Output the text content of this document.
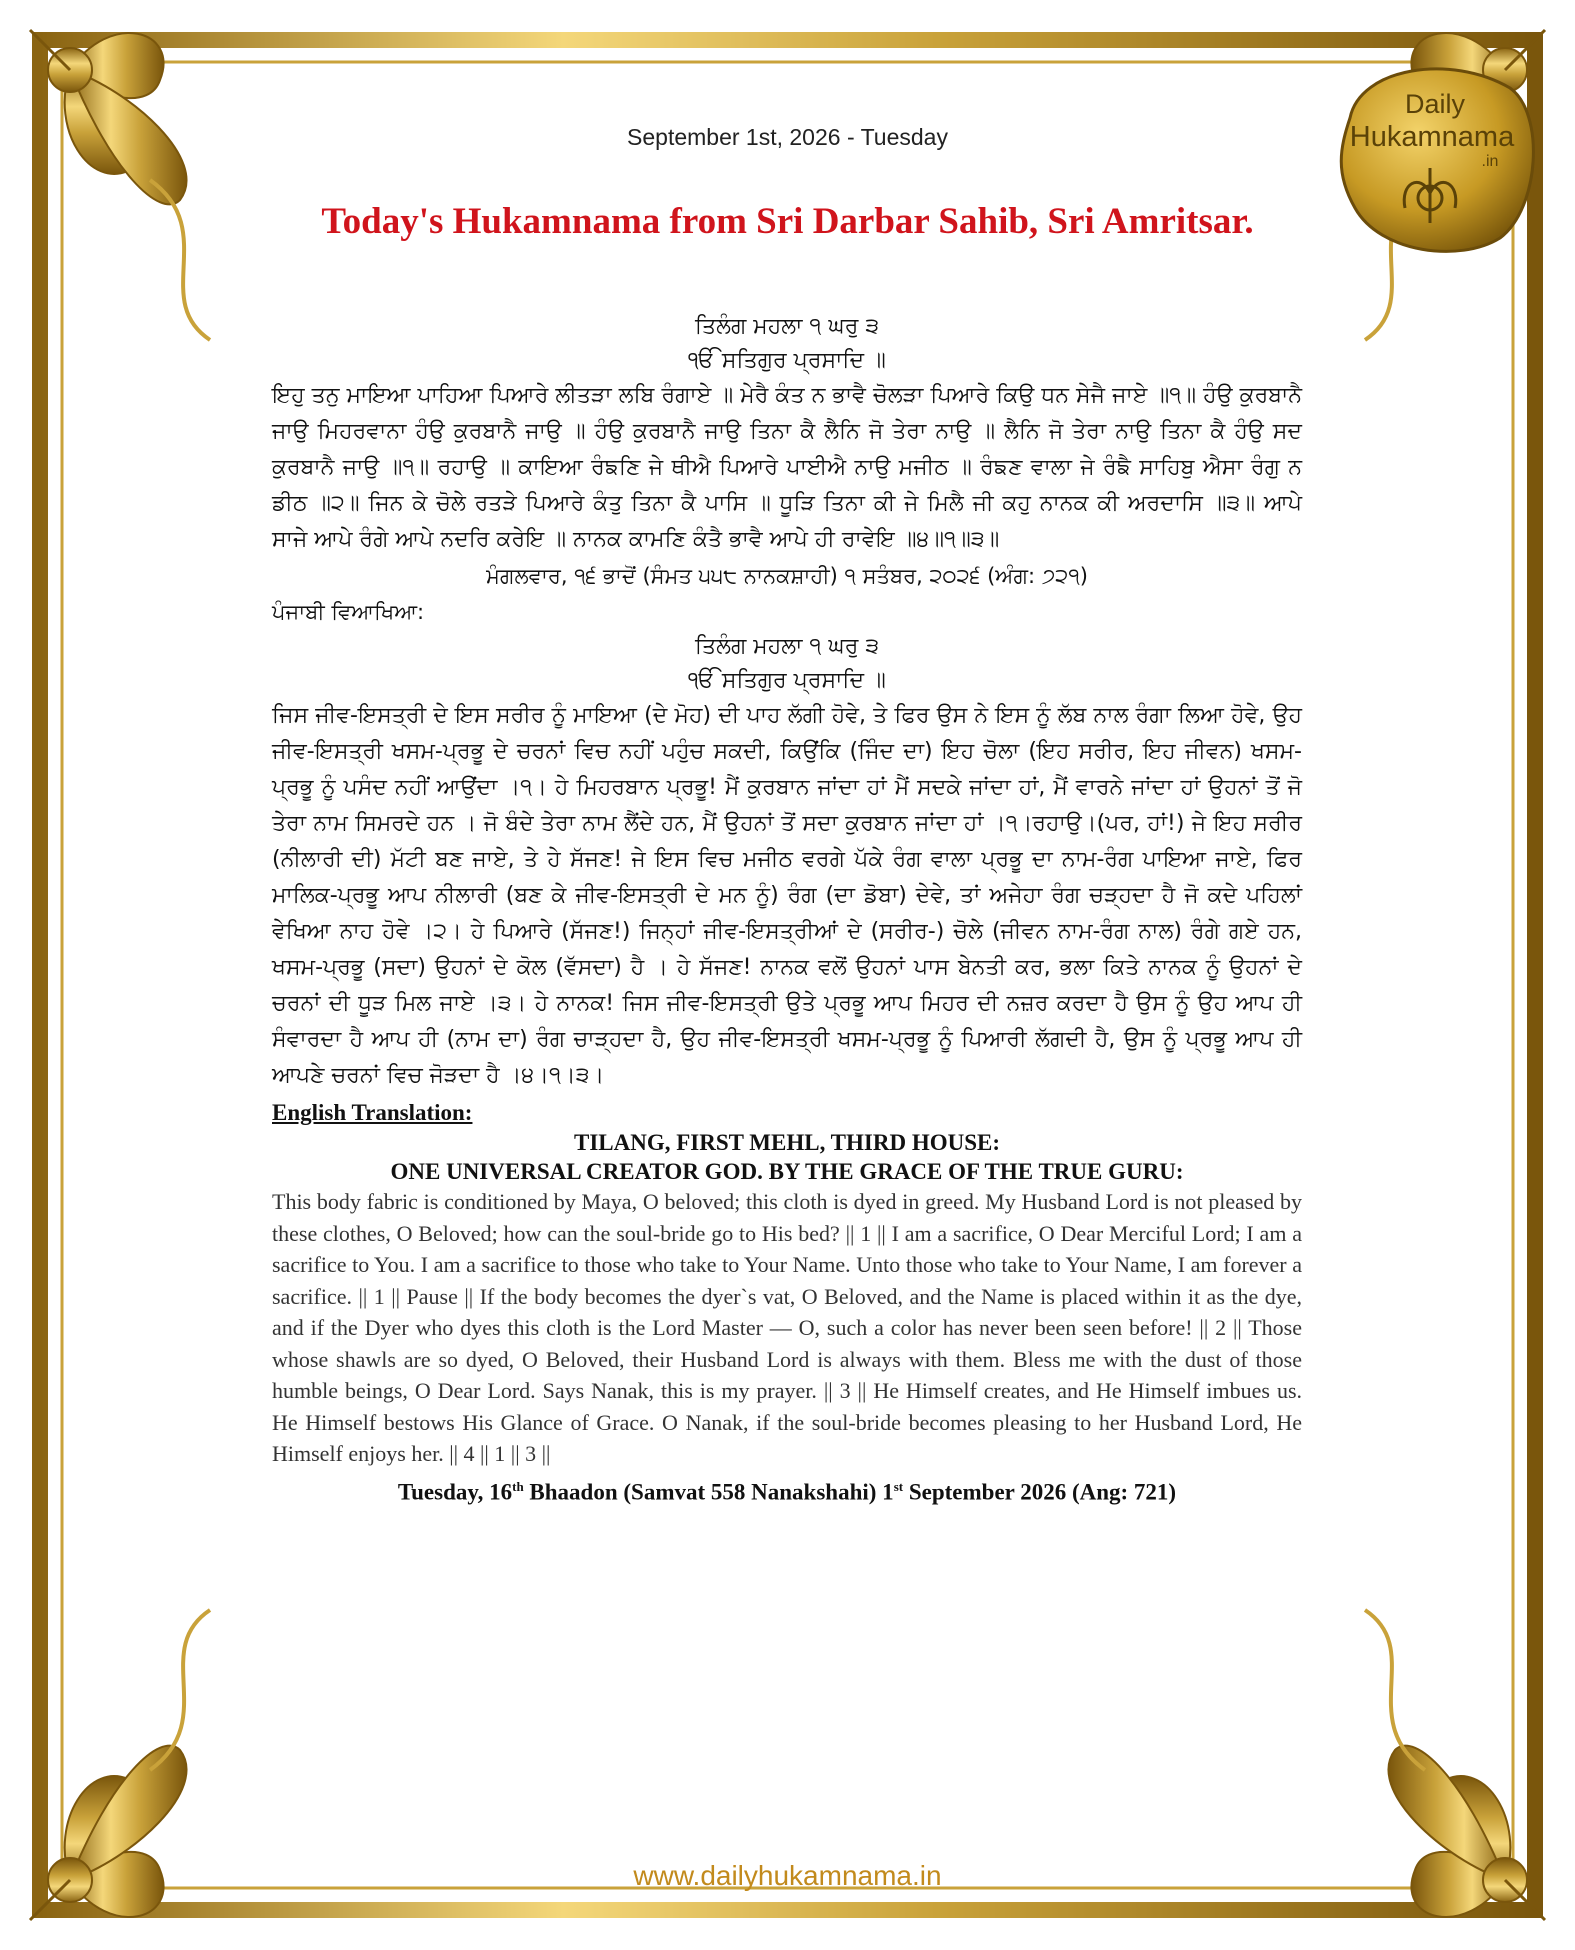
Daily
Hukamnama
.in
September 1st, 2026 - Tuesday
Today's Hukamnama from Sri Darbar Sahib, Sri Amritsar.
ਤਿਲੰਗ ਮਹਲਾ ੧ ਘਰੁ ੩
ੴ ਸਤਿਗੁਰ ਪ੍ਰਸਾਦਿ ॥

ਇਹੁ ਤਨੁ ਮਾਇਆ ਪਾਹਿਆ ਪਿਆਰੇ ਲੀਤੜਾ ਲਬਿ ਰੰਗਾਏ ॥ ਮੇਰੈ ਕੰਤ ਨ ਭਾਵੈ ਚੋਲੜਾ ਪਿਆਰੇ ਕਿਉ ਧਨ ਸੇਜੈ ਜਾਏ ॥੧॥ ਹੰਉ ਕੁਰਬਾਨੈ ਜਾਉ ਮਿਹਰਵਾਨਾ ਹੰਉ ਕੁਰਬਾਨੈ ਜਾਉ ॥ ਹੰਉ ਕੁਰਬਾਨੈ ਜਾਉ ਤਿਨਾ ਕੈ ਲੈਨਿ ਜੋ ਤੇਰਾ ਨਾਉ ॥ ਲੈਨਿ ਜੋ ਤੇਰਾ ਨਾਉ ਤਿਨਾ ਕੈ ਹੰਉ ਸਦ ਕੁਰਬਾਨੈ ਜਾਉ ॥੧॥ ਰਹਾਉ ॥ ਕਾਇਆ ਰੰਙਣਿ ਜੇ ਥੀਐ ਪਿਆਰੇ ਪਾਈਐ ਨਾਉ ਮਜੀਠ ॥ ਰੰਙਣ ਵਾਲਾ ਜੇ ਰੰਙੈ ਸਾਹਿਬੁ ਐਸਾ ਰੰਗੁ ਨ ਡੀਠ ॥੨॥ ਜਿਨ ਕੇ ਚੋਲੇ ਰਤੜੇ ਪਿਆਰੇ ਕੰਤੁ ਤਿਨਾ ਕੈ ਪਾਸਿ ॥ ਧੂੜਿ ਤਿਨਾ ਕੀ ਜੇ ਮਿਲੈ ਜੀ ਕਹੁ ਨਾਨਕ ਕੀ ਅਰਦਾਸਿ ॥੩॥ ਆਪੇ ਸਾਜੇ ਆਪੇ ਰੰਗੇ ਆਪੇ ਨਦਰਿ ਕਰੇਇ ॥ ਨਾਨਕ ਕਾਮਣਿ ਕੰਤੈ ਭਾਵੈ ਆਪੇ ਹੀ ਰਾਵੇਇ ॥੪॥੧॥੩॥

ਮੰਗਲਵਾਰ, ੧੬ ਭਾਦੋਂ (ਸੰਮਤ ੫੫੮ ਨਾਨਕਸ਼ਾਹੀ) ੧ ਸਤੰਬਰ, ੨੦੨੬ (ਅੰਗ: ੭੨੧)
ਪੰਜਾਬੀ ਵਿਆਖਿਆ:
ਤਿਲੰਗ ਮਹਲਾ ੧ ਘਰੁ ੩
ੴ ਸਤਿਗੁਰ ਪ੍ਰਸਾਦਿ ॥

ਜਿਸ ਜੀਵ-ਇਸਤ੍ਰੀ ਦੇ ਇਸ ਸਰੀਰ ਨੂੰ ਮਾਇਆ (ਦੇ ਮੋਹ) ਦੀ ਪਾਹ ਲੱਗੀ ਹੋਵੇ, ਤੇ ਫਿਰ ਉਸ ਨੇ ਇਸ ਨੂੰ ਲੱਬ ਨਾਲ ਰੰਗਾ ਲਿਆ ਹੋਵੇ, ਉਹ ਜੀਵ-ਇਸਤ੍ਰੀ ਖਸਮ-ਪ੍ਰਭੂ ਦੇ ਚਰਨਾਂ ਵਿਚ ਨਹੀਂ ਪਹੁੰਚ ਸਕਦੀ, ਕਿਉਂਕਿ (ਜਿੰਦ ਦਾ) ਇਹ ਚੋਲਾ (ਇਹ ਸਰੀਰ, ਇਹ ਜੀਵਨ) ਖਸਮ-ਪ੍ਰਭੂ ਨੂੰ ਪਸੰਦ ਨਹੀਂ ਆਉਂਦਾ ।੧। ਹੇ ਮਿਹਰਬਾਨ ਪ੍ਰਭੂ! ਮੈਂ ਕੁਰਬਾਨ ਜਾਂਦਾ ਹਾਂ ਮੈਂ ਸਦਕੇ ਜਾਂਦਾ ਹਾਂ, ਮੈਂ ਵਾਰਨੇ ਜਾਂਦਾ ਹਾਂ ਉਹਨਾਂ ਤੋਂ ਜੋ ਤੇਰਾ ਨਾਮ ਸਿਮਰਦੇ ਹਨ । ਜੋ ਬੰਦੇ ਤੇਰਾ ਨਾਮ ਲੈਂਦੇ ਹਨ, ਮੈਂ ਉਹਨਾਂ ਤੋਂ ਸਦਾ ਕੁਰਬਾਨ ਜਾਂਦਾ ਹਾਂ ।੧।ਰਹਾਉ।(ਪਰ, ਹਾਂ!) ਜੇ ਇਹ ਸਰੀਰ (ਨੀਲਾਰੀ ਦੀ) ਮੱਟੀ ਬਣ ਜਾਏ, ਤੇ ਹੇ ਸੱਜਣ! ਜੇ ਇਸ ਵਿਚ ਮਜੀਠ ਵਰਗੇ ਪੱਕੇ ਰੰਗ ਵਾਲਾ ਪ੍ਰਭੂ ਦਾ ਨਾਮ-ਰੰਗ ਪਾਇਆ ਜਾਏ, ਫਿਰ ਮਾਲਿਕ-ਪ੍ਰਭੂ ਆਪ ਨੀਲਾਰੀ (ਬਣ ਕੇ ਜੀਵ-ਇਸਤ੍ਰੀ ਦੇ ਮਨ ਨੂੰ) ਰੰਗ (ਦਾ ਡੋਬਾ) ਦੇਵੇ, ਤਾਂ ਅਜੇਹਾ ਰੰਗ ਚੜ੍ਹਦਾ ਹੈ ਜੋ ਕਦੇ ਪਹਿਲਾਂ ਵੇਖਿਆ ਨਾਹ ਹੋਵੇ ।੨। ਹੇ ਪਿਆਰੇ (ਸੱਜਣ!) ਜਿਨ੍ਹਾਂ ਜੀਵ-ਇਸਤ੍ਰੀਆਂ ਦੇ (ਸਰੀਰ-) ਚੋਲੇ (ਜੀਵਨ ਨਾਮ-ਰੰਗ ਨਾਲ) ਰੰਗੇ ਗਏ ਹਨ, ਖਸਮ-ਪ੍ਰਭੂ (ਸਦਾ) ਉਹਨਾਂ ਦੇ ਕੋਲ (ਵੱਸਦਾ) ਹੈ । ਹੇ ਸੱਜਣ! ਨਾਨਕ ਵਲੋਂ ਉਹਨਾਂ ਪਾਸ ਬੇਨਤੀ ਕਰ, ਭਲਾ ਕਿਤੇ ਨਾਨਕ ਨੂੰ ਉਹਨਾਂ ਦੇ ਚਰਨਾਂ ਦੀ ਧੂੜ ਮਿਲ ਜਾਏ ।੩। ਹੇ ਨਾਨਕ! ਜਿਸ ਜੀਵ-ਇਸਤ੍ਰੀ ਉਤੇ ਪ੍ਰਭੂ ਆਪ ਮਿਹਰ ਦੀ ਨਜ਼ਰ ਕਰਦਾ ਹੈ ਉਸ ਨੂੰ ਉਹ ਆਪ ਹੀ ਸੰਵਾਰਦਾ ਹੈ ਆਪ ਹੀ (ਨਾਮ ਦਾ) ਰੰਗ ਚਾੜ੍ਹਦਾ ਹੈ, ਉਹ ਜੀਵ-ਇਸਤ੍ਰੀ ਖਸਮ-ਪ੍ਰਭੂ ਨੂੰ ਪਿਆਰੀ ਲੱਗਦੀ ਹੈ, ਉਸ ਨੂੰ ਪ੍ਰਭੂ ਆਪ ਹੀ ਆਪਣੇ ਚਰਨਾਂ ਵਿਚ ਜੋੜਦਾ ਹੈ ।੪।੧।੩।

English Translation:
TILANG, FIRST MEHL, THIRD HOUSE:
ONE UNIVERSAL CREATOR GOD. BY THE GRACE OF THE TRUE GURU:

This body fabric is conditioned by Maya, O beloved; this cloth is dyed in greed. My Husband Lord is not pleased by these clothes, O Beloved; how can the soul-bride go to His bed? || 1 || I am a sacrifice, O Dear Merciful Lord; I am a sacrifice to You. I am a sacrifice to those who take to Your Name. Unto those who take to Your Name, I am forever a sacrifice. || 1 || Pause || If the body becomes the dyer`s vat, O Beloved, and the Name is placed within it as the dye, and if the Dyer who dyes this cloth is the Lord Master — O, such a color has never been seen before! || 2 || Those whose shawls are so dyed, O Beloved, their Husband Lord is always with them. Bless me with the dust of those humble beings, O Dear Lord. Says Nanak, this is my prayer. || 3 || He Himself creates, and He Himself imbues us. He Himself bestows His Glance of Grace. O Nanak, if the soul-bride becomes pleasing to her Husband Lord, He Himself enjoys her. || 4 || 1 || 3 ||

Tuesday, 16th Bhaadon (Samvat 558 Nanakshahi) 1st September 2026 (Ang: 721)
www.dailyhukamnama.in
